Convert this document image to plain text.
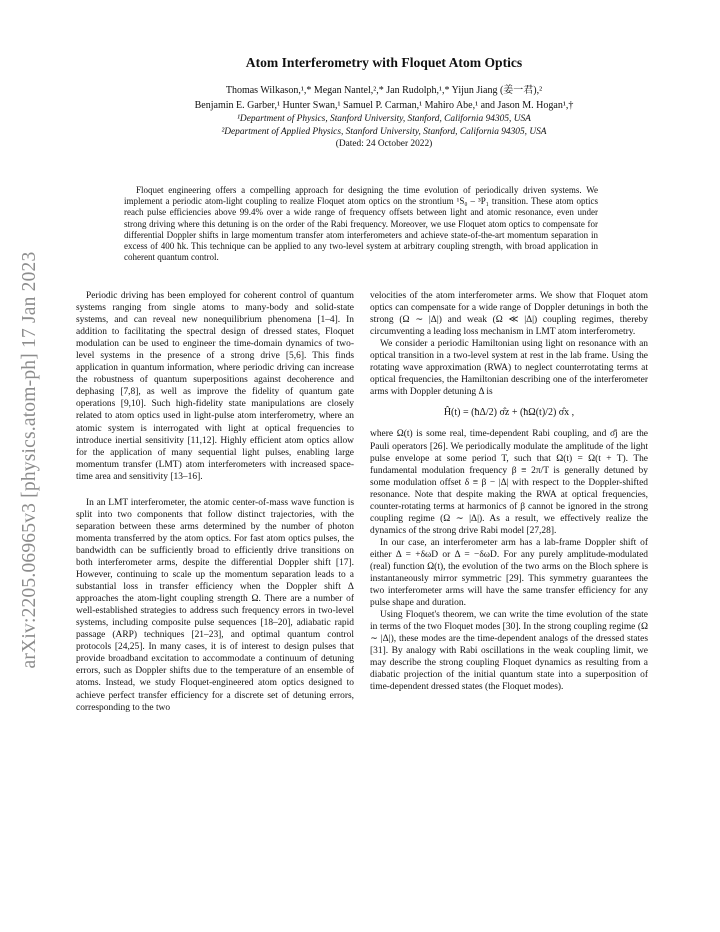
arXiv:2205.06965v3 [physics.atom-ph] 17 Jan 2023
Atom Interferometry with Floquet Atom Optics
Thomas Wilkason,¹,* Megan Nantel,²,* Jan Rudolph,¹,* Yijun Jiang (姜一君),²
Benjamin E. Garber,¹ Hunter Swan,¹ Samuel P. Carman,¹ Mahiro Abe,¹ and Jason M. Hogan¹,†
¹Department of Physics, Stanford University, Stanford, California 94305, USA
²Department of Applied Physics, Stanford University, Stanford, California 94305, USA
(Dated: 24 October 2022)

Floquet engineering offers a compelling approach for designing the time evolution of periodically driven systems. We implement a periodic atom-light coupling to realize Floquet atom optics on the strontium ¹S₀ – ³P₁ transition. These atom optics reach pulse efficiencies above 99.4% over a wide range of frequency offsets between light and atomic resonance, even under strong driving where this detuning is on the order of the Rabi frequency. Moreover, we use Floquet atom optics to compensate for differential Doppler shifts in large momentum transfer atom interferometers and achieve state-of-the-art momentum separation in excess of 400 ħk. This technique can be applied to any two-level system at arbitrary coupling strength, with broad application in coherent quantum control.

Periodic driving has been employed for coherent control of quantum systems ranging from single atoms to many-body and solid-state systems, and can reveal new nonequilibrium phenomena [1–4]. In addition to facilitating the spectral design of dressed states, Floquet modulation can be used to engineer the time-domain dynamics of two-level systems in the presence of a strong drive [5,6]. This finds application in quantum information, where periodic driving can increase the robustness of quantum superpositions against decoherence and dephasing [7,8], as well as improve the fidelity of quantum gate operations [9,10]. Such high-fidelity state manipulations are closely related to atom optics used in light-pulse atom interferometry, where an atomic system is interrogated with light at optical frequencies to introduce inertial sensitivity [11,12]. Highly efficient atom optics allow for the application of many sequential light pulses, enabling large momentum transfer (LMT) atom interferometers with increased space-time area and sensitivity [13–16].

In an LMT interferometer, the atomic center-of-mass wave function is split into two components that follow distinct trajectories, with the separation between these arms determined by the number of photon momenta transferred by the atom optics. For fast atom optics pulses, the bandwidth can be sufficiently broad to efficiently drive transitions on both interferometer arms, despite the differential Doppler shift [17]. However, continuing to scale up the momentum separation leads to a substantial loss in transfer efficiency when the Doppler shift Δ approaches the atom-light coupling strength Ω. There are a number of well-established strategies to address such frequency errors in two-level systems, including composite pulse sequences [18–20], adiabatic rapid passage (ARP) techniques [21–23], and optimal quantum control protocols [24,25]. In many cases, it is of interest to design pulses that provide broadband excitation to accommodate a continuum of detuning errors, such as Doppler shifts due to the temperature of an ensemble of atoms. Instead, we study Floquet-engineered atom optics designed to achieve perfect transfer efficiency for a discrete set of detuning errors, corresponding to the two

velocities of the atom interferometer arms. We show that Floquet atom optics can compensate for a wide range of Doppler detunings in both the strong (Ω ∼ |Δ|) and weak (Ω ≪ |Δ|) coupling regimes, thereby circumventing a leading loss mechanism in LMT atom interferometry.

We consider a periodic Hamiltonian using light on resonance with an optical transition in a two-level system at rest in the lab frame. Using the rotating wave approximation (RWA) to neglect counterrotating terms at optical frequencies, the Hamiltonian describing one of the interferometer arms with Doppler detuning Δ is

Ĥ(t) = (ħΔ/2) σ̂z + (ħΩ(t)/2) σ̂x ,

where Ω(t) is some real, time-dependent Rabi coupling, and σ̂j are the Pauli operators [26]. We periodically modulate the amplitude of the light pulse envelope at some period T, such that Ω(t) = Ω(t + T). The fundamental modulation frequency β ≡ 2π/T is generally detuned by some modulation offset δ ≡ β − |Δ| with respect to the Doppler-shifted resonance. Note that despite making the RWA at optical frequencies, counter-rotating terms at harmonics of β cannot be ignored in the strong coupling regime (Ω ∼ |Δ|). As a result, we effectively realize the dynamics of the strong drive Rabi model [27,28].

In our case, an interferometer arm has a lab-frame Doppler shift of either Δ = +δωD or Δ = −δωD. For any purely amplitude-modulated (real) function Ω(t), the evolution of the two arms on the Bloch sphere is instantaneously mirror symmetric [29]. This symmetry guarantees the two interferometer arms will have the same transfer efficiency for any pulse shape and duration.

Using Floquet's theorem, we can write the time evolution of the state in terms of the two Floquet modes [30]. In the strong coupling regime (Ω ∼ |Δ|), these modes are the time-dependent analogs of the dressed states [31]. By analogy with Rabi oscillations in the weak coupling limit, we may describe the strong coupling Floquet dynamics as resulting from a diabatic projection of the initial quantum state into a superposition of time-dependent dressed states (the Floquet modes).
